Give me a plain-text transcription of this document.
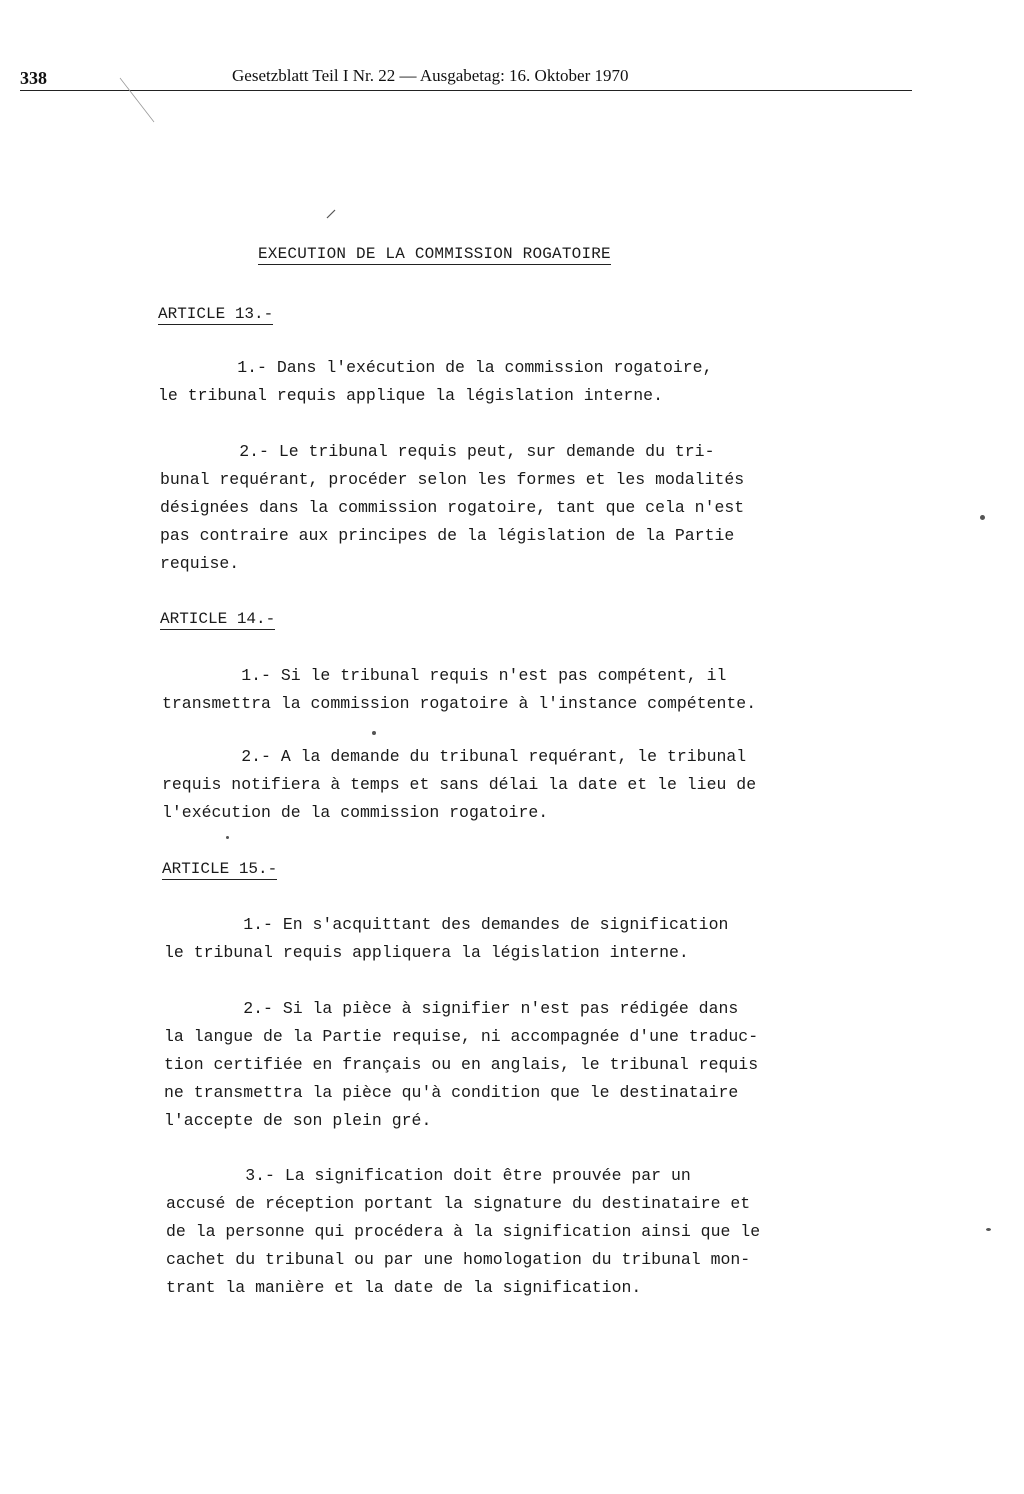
338	Gesetzblatt Teil I Nr. 22 — Ausgabetag: 16. Oktober 1970
EXECUTION DE LA COMMISSION ROGATOIRE
ARTICLE 13.-
1.- Dans l'exécution de la commission rogatoire,
le tribunal requis applique la législation interne.
2.- Le tribunal requis peut, sur demande du tri-
bunal requérant, procéder selon les formes et les modalités
désignées dans la commission rogatoire, tant que cela n'est
pas contraire aux principes de la législation de la Partie
requise.
ARTICLE 14.-
1.- Si le tribunal requis n'est pas compétent, il
transmettra la commission rogatoire à l'instance compétente.
2.- A la demande du tribunal requérant, le tribunal
requis notifiera à temps et sans délai la date et le lieu de
l'exécution de la commission rogatoire.
ARTICLE 15.-
1.- En s'acquittant des demandes de signification
le tribunal requis appliquera la législation interne.
2.- Si la pièce à signifier n'est pas rédigée dans
la langue de la Partie requise, ni accompagnée d'une traduc-
tion certifiée en français ou en anglais, le tribunal requis
ne transmettra la pièce qu'à condition que le destinataire
l'accepte de son plein gré.
3.- La signification doit être prouvée par un
accusé de réception portant la signature du destinataire et
de la personne qui procédera à la signification ainsi que le
cachet du tribunal ou par une homologation du tribunal mon-
trant la manière et la date de la signification.
